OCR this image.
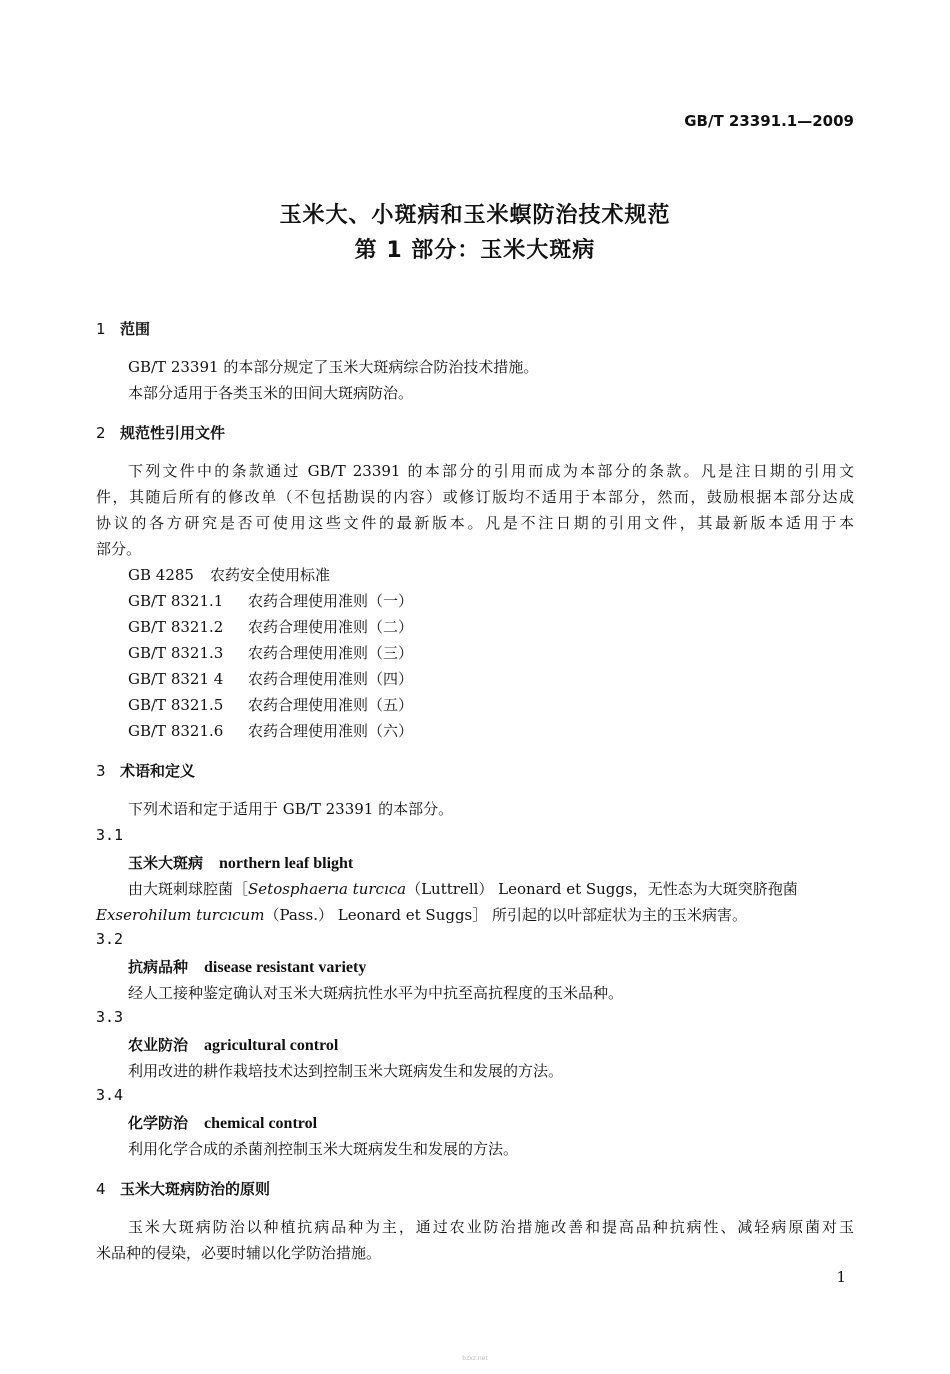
GB/T 23391.1—2009
玉米大、小斑病和玉米螟防治技术规范
第 1 部分：玉米大斑病
1 范围
GB/T 23391 的本部分规定了玉米大斑病综合防治技术措施。
本部分适用于各类玉米的田间大斑病防治。
2 规范性引用文件
下列文件中的条款通过 GB/T 23391 的本部分的引用而成为本部分的条款。凡是注日期的引用文
件，其随后所有的修改单（不包括勘误的内容）或修订版均不适用于本部分，然而，鼓励根据本部分达成
协议的各方研究是否可使用这些文件的最新版本。凡是不注日期的引用文件，其最新版本适用于本
部分。
GB 4285 农药安全使用标准
GB/T 8321.1 农药合理使用准则（一）
GB/T 8321.2 农药合理使用准则（二）
GB/T 8321.3 农药合理使用准则（三）
GB/T 8321 4 农药合理使用准则（四）
GB/T 8321.5 农药合理使用准则（五）
GB/T 8321.6 农药合理使用准则（六）
3 术语和定义
下列术语和定于适用于 GB/T 23391 的本部分。
3.1
玉米大斑病 northern leaf blight
由大斑刺球腔菌［Setosphaerıa turcıca（Luttrell） Leonard et Suggs，无性态为大斑突脐孢菌
Exserohilum turcıcum（Pass.） Leonard et Suggs］ 所引起的以叶部症状为主的玉米病害。
3.2
抗病品种 disease resistant variety
经人工接种鉴定确认对玉米大斑病抗性水平为中抗至高抗程度的玉米品种。
3.3
农业防治 agricultural control
利用改进的耕作栽培技术达到控制玉米大斑病发生和发展的方法。
3.4
化学防治 chemical control
利用化学合成的杀菌剂控制玉米大斑病发生和发展的方法。
4 玉米大斑病防治的原则
玉米大斑病防治以种植抗病品种为主，通过农业防治措施改善和提高品种抗病性、减轻病原菌对玉
米品种的侵染，必要时辅以化学防治措施。
1
bzxz.net
